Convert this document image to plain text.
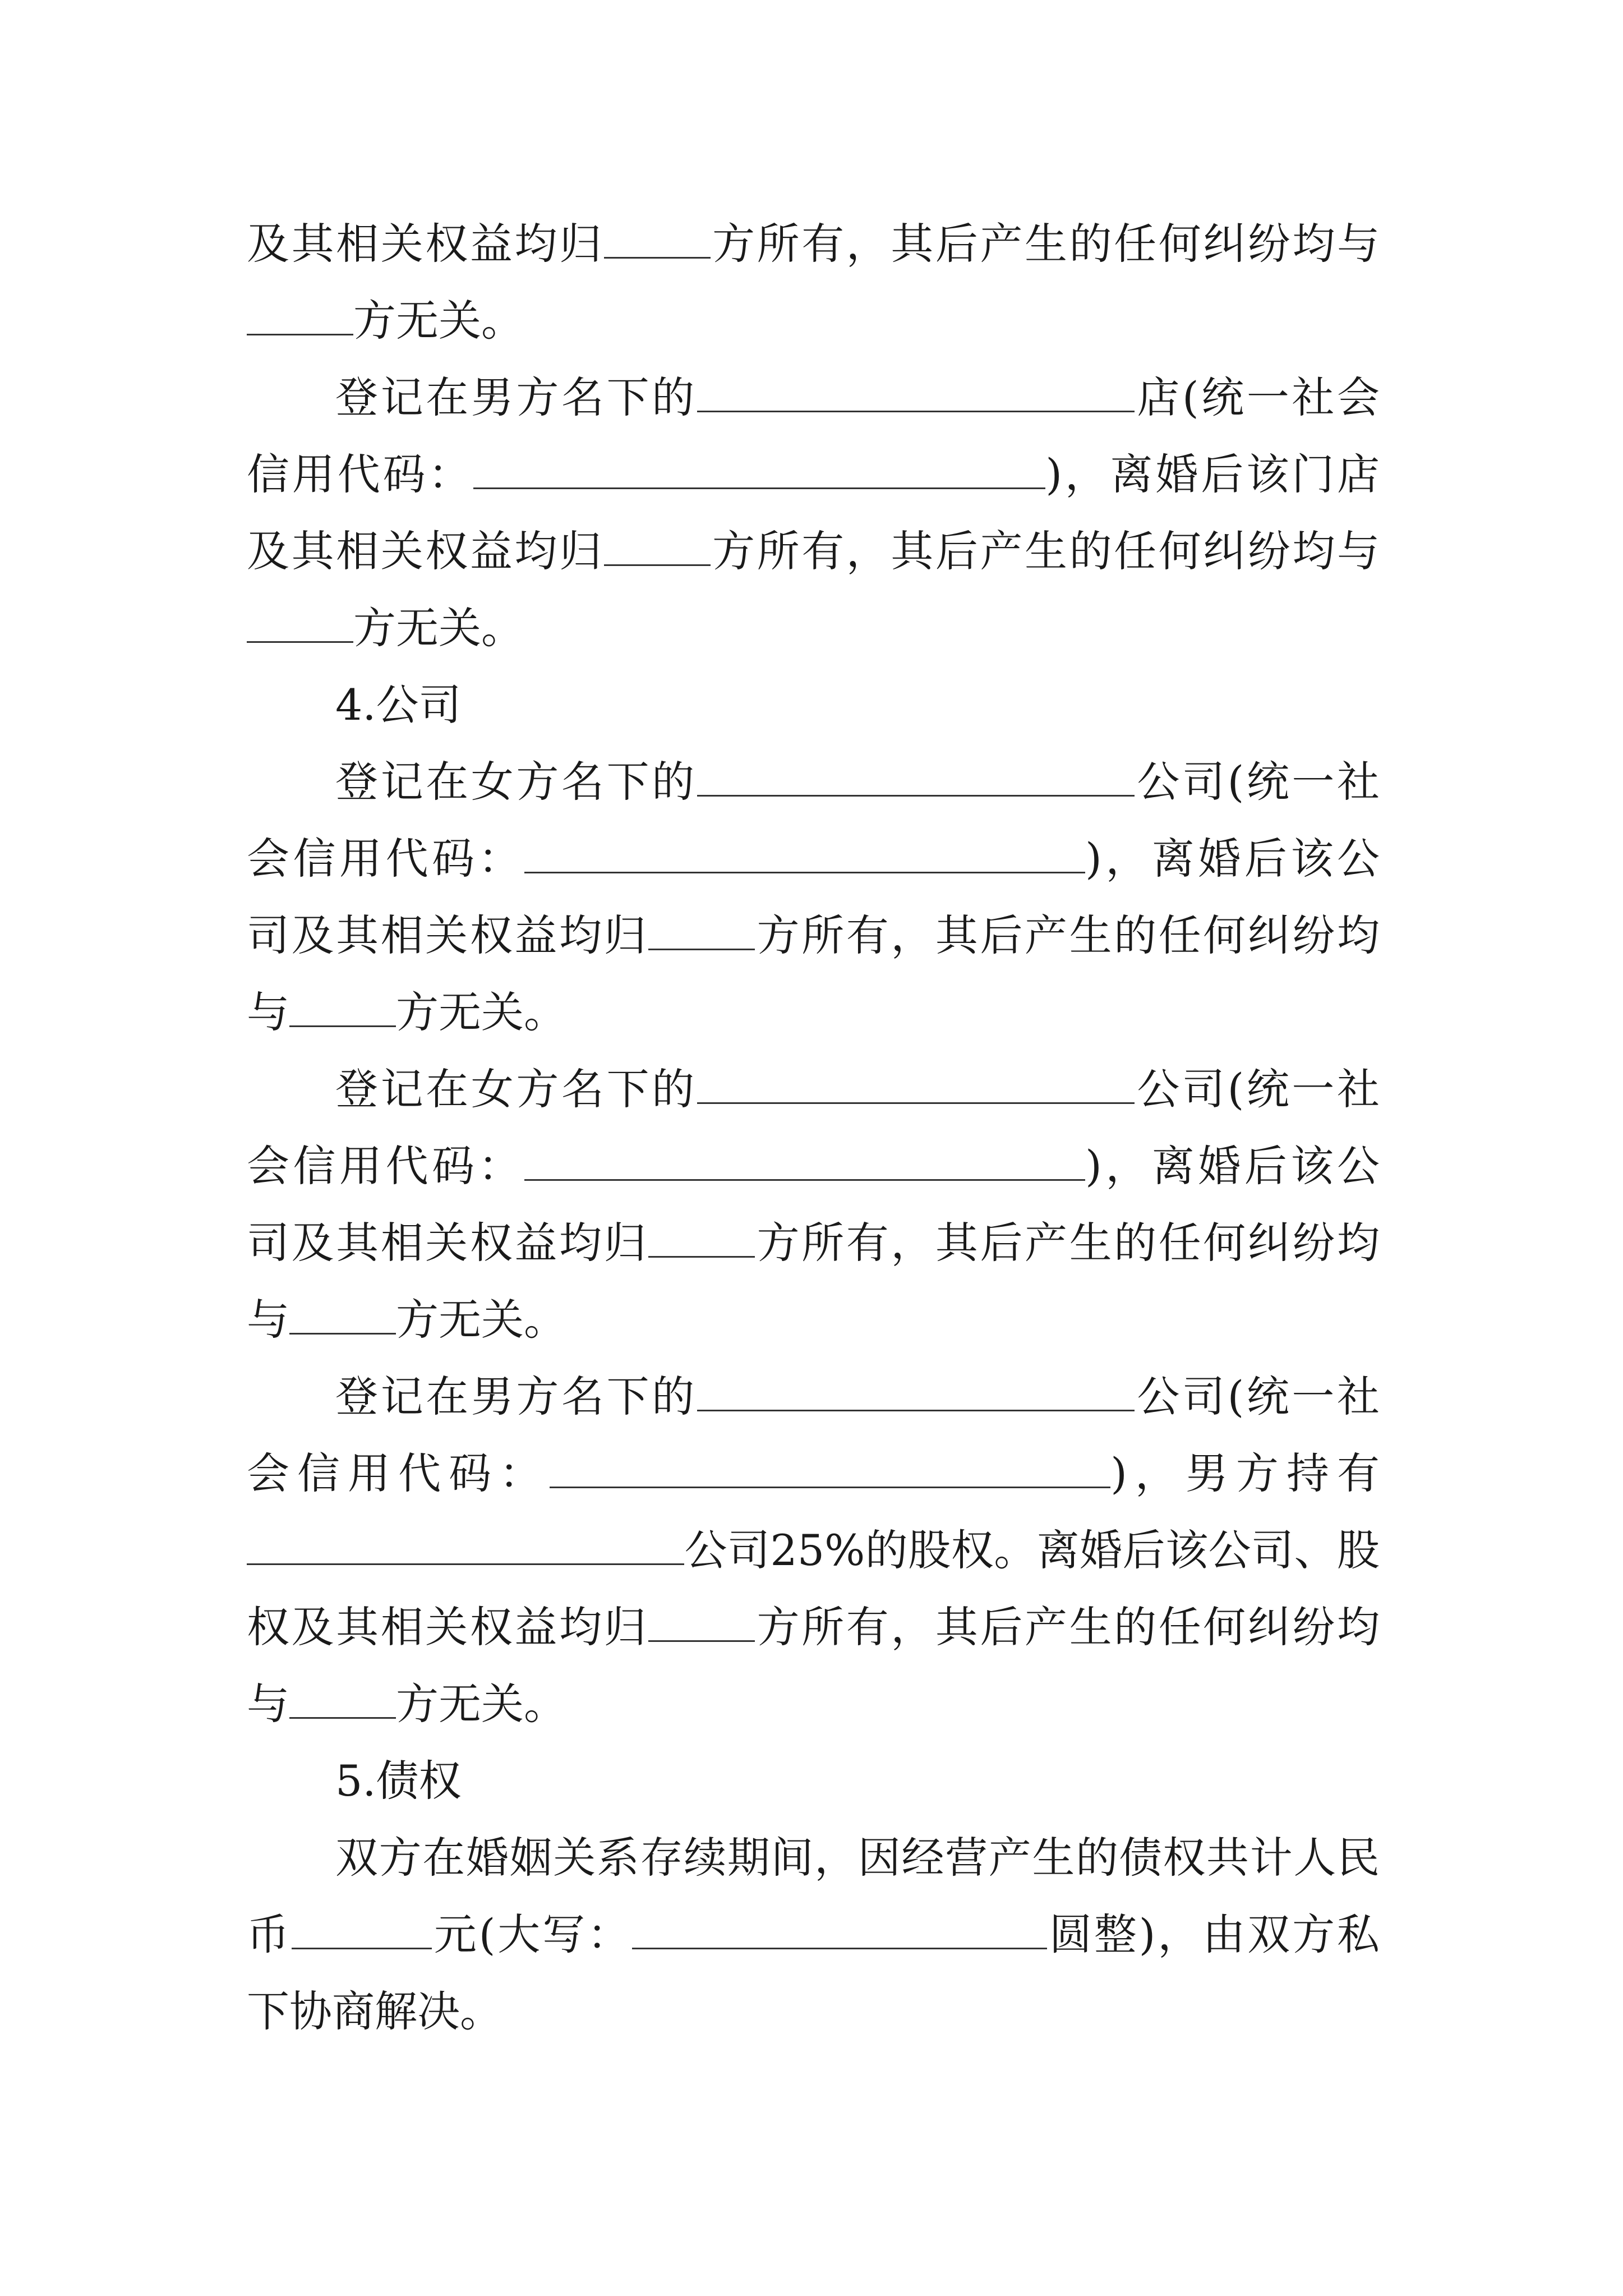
及其相关权益均归	方所有，其后产生的任何纠纷均与
方无关。
登记在男方名下的	店(统一社会
信用代码：	)，离婚后该门店
及其相关权益均归	方所有，其后产生的任何纠纷均与
方无关。
4.公司
登记在女方名下的	公司(统一社
会信用代码：	)，离婚后该公
司及其相关权益均归	方所有，其后产生的任何纠纷均
与	方无关。
登记在女方名下的	公司(统一社
会信用代码：	)，离婚后该公
司及其相关权益均归	方所有，其后产生的任何纠纷均
与	方无关。
登记在男方名下的	公司(统一社
会信用代码：	)，男方持有
公司25%的股权。离婚后该公司、股
权及其相关权益均归	方所有，其后产生的任何纠纷均
与	方无关。
5.债权
双方在婚姻关系存续期间，因经营产生的债权共计人民
币	元(大写：	圆整)，由双方私
下协商解决。
